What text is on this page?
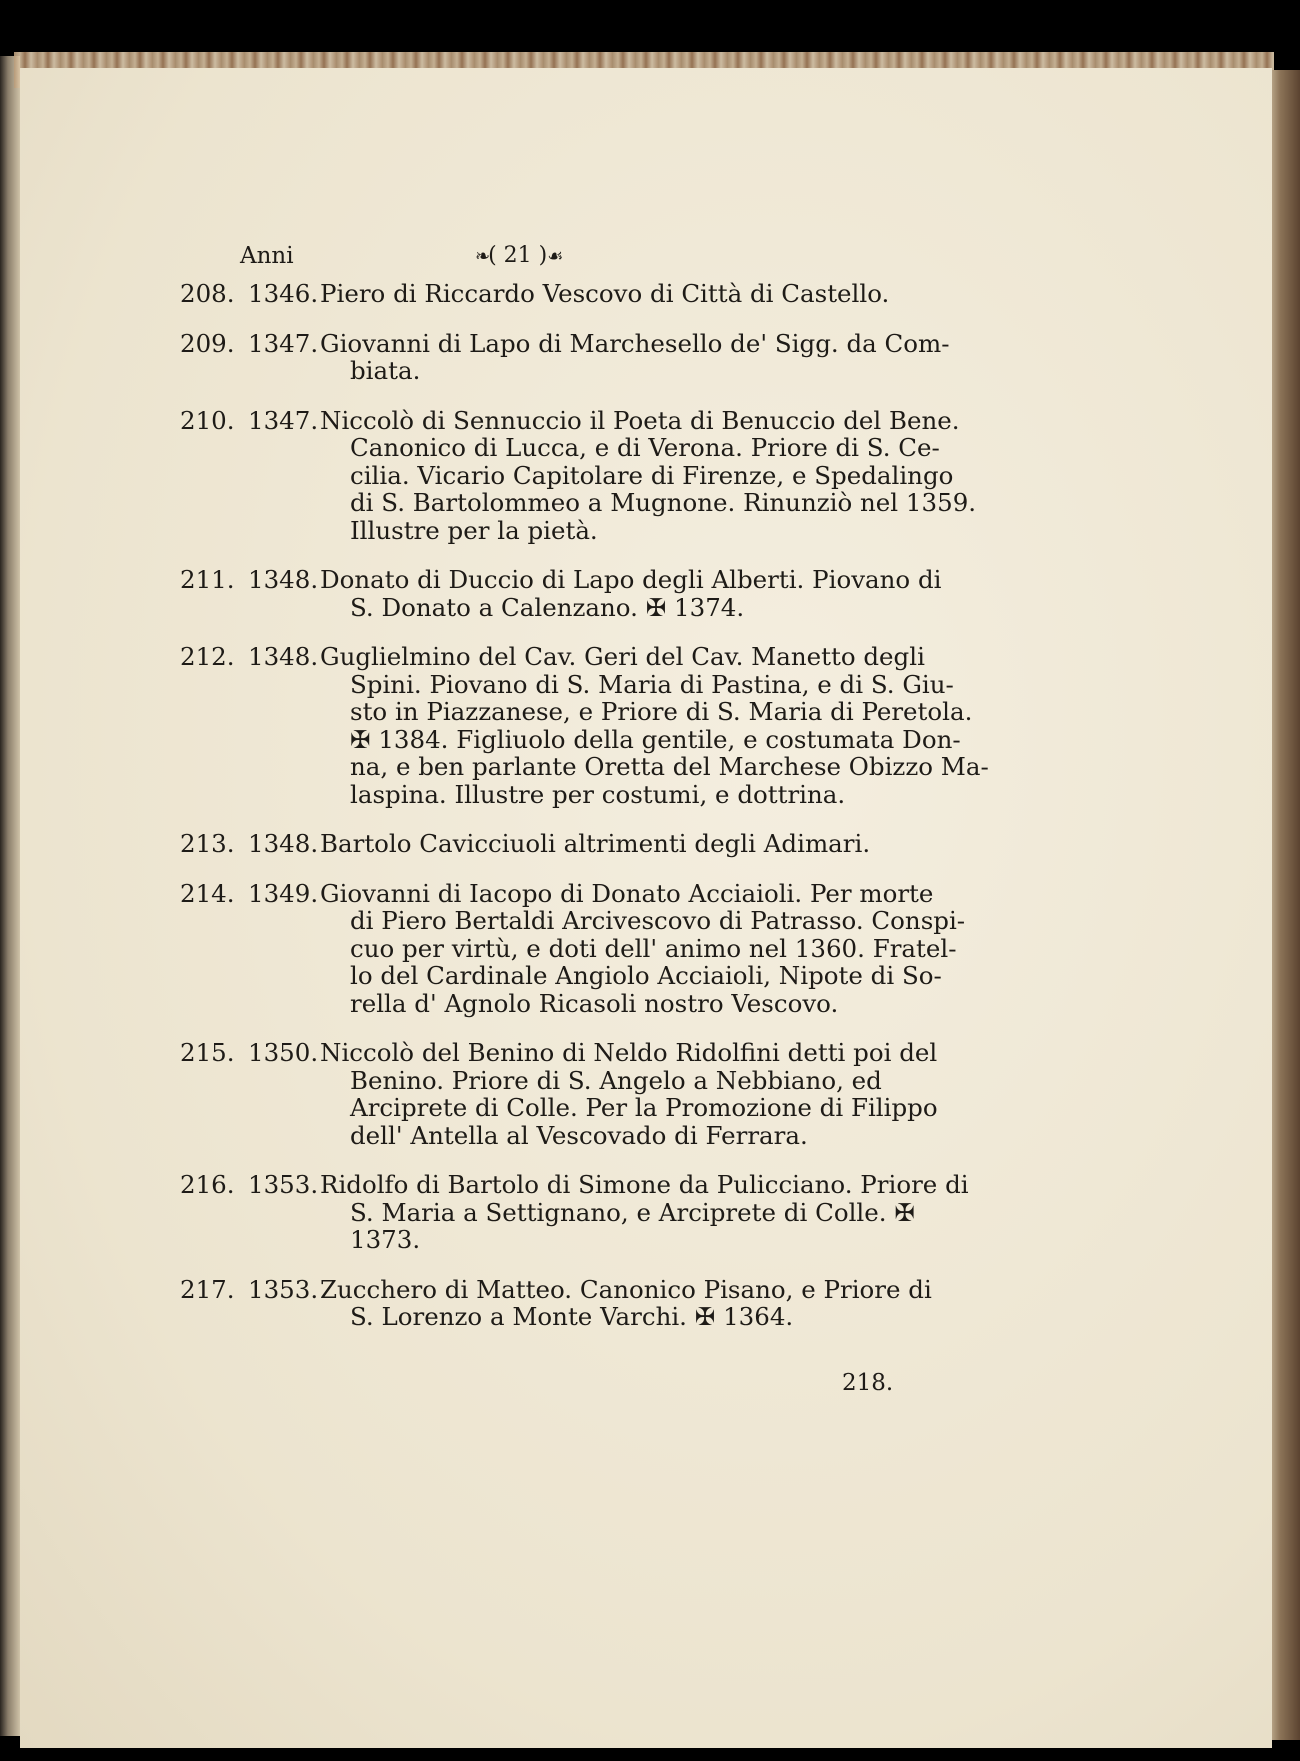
Anni	❧( 21 )☙
208. 1346. Piero di Riccardo Vescovo di Città di Castello.
209. 1347. Giovanni di Lapo di Marchesello de' Sigg. da Com-
biata.
210. 1347. Niccolò di Sennuccio il Poeta di Benuccio del Bene.
Canonico di Lucca, e di Verona. Priore di S. Ce-
cilia. Vicario Capitolare di Firenze, e Spedalingo
di S. Bartolommeo a Mugnone. Rinunziò nel 1359.
Illustre per la pietà.
211. 1348. Donato di Duccio di Lapo degli Alberti. Piovano di
S. Donato a Calenzano. ✠ 1374.
212. 1348. Guglielmino del Cav. Geri del Cav. Manetto degli
Spini. Piovano di S. Maria di Pastina, e di S. Giu-
sto in Piazzanese, e Priore di S. Maria di Peretola.
✠ 1384. Figliuolo della gentile, e costumata Don-
na, e ben parlante Oretta del Marchese Obizzo Ma-
laspina. Illustre per costumi, e dottrina.
213. 1348. Bartolo Cavicciuoli altrimenti degli Adimari.
214. 1349. Giovanni di Iacopo di Donato Acciaioli. Per morte
di Piero Bertaldi Arcivescovo di Patrasso. Conspi-
cuo per virtù, e doti dell' animo nel 1360. Fratel-
lo del Cardinale Angiolo Acciaioli, Nipote di So-
rella d' Agnolo Ricasoli nostro Vescovo.
215. 1350. Niccolò del Benino di Neldo Ridolfini detti poi del
Benino. Priore di S. Angelo a Nebbiano, ed
Arciprete di Colle. Per la Promozione di Filippo
dell' Antella al Vescovado di Ferrara.
216. 1353. Ridolfo di Bartolo di Simone da Pulicciano. Priore di
S. Maria a Settignano, e Arciprete di Colle. ✠
1373.
217. 1353. Zucchero di Matteo. Canonico Pisano, e Priore di
S. Lorenzo a Monte Varchi. ✠ 1364.
218.
